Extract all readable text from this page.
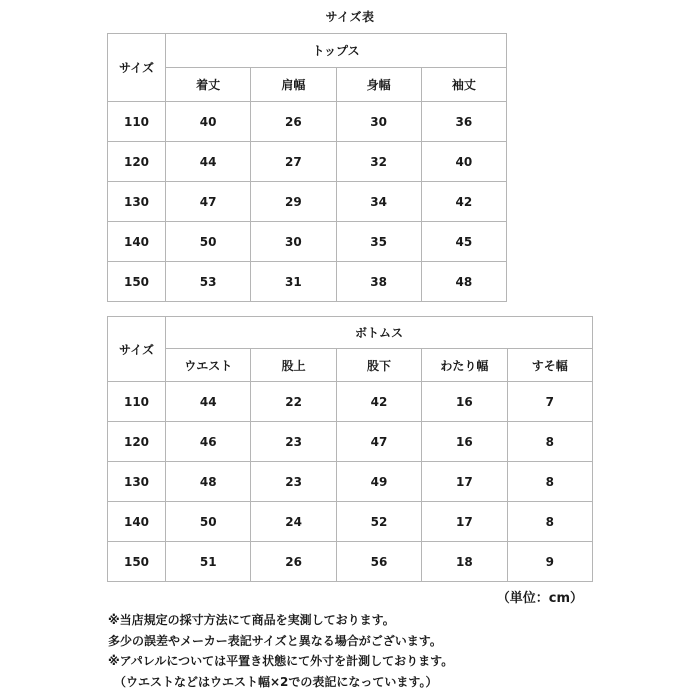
サイズ表
サイズ	トップス			
	着丈	肩幅	身幅	袖丈
110	40	26	30	36
120	44	27	32	40
130	47	29	34	42
140	50	30	35	45
150	53	31	38	48
サイズ	ボトムス				
	ウエスト	股上	股下	わたり幅	すそ幅
110	44	22	42	16	7
120	46	23	47	16	8
130	48	23	49	17	8
140	50	24	52	17	8
150	51	26	56	18	9
（単位：cm）
※当店規定の採寸方法にて商品を実測しております。
多少の誤差やメーカー表記サイズと異なる場合がございます。
※アパレルについては平置き状態にて外寸を計測しております。
（ウエストなどはウエスト幅×2での表記になっています。）
